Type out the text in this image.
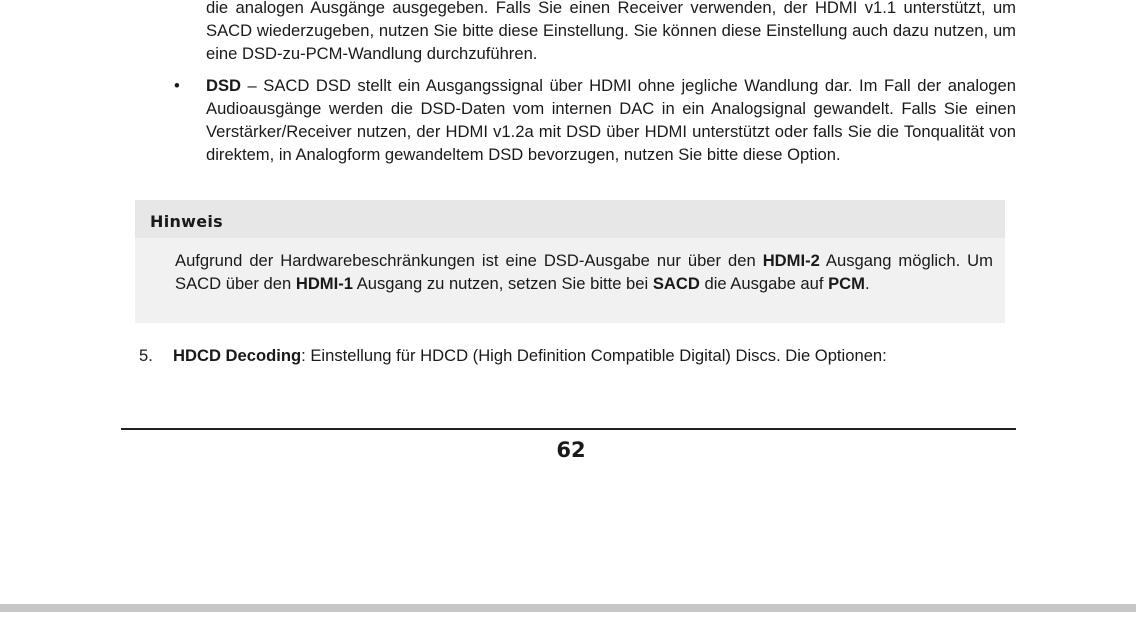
die analogen Ausgänge ausgegeben. Falls Sie einen Receiver verwenden, der HDMI v1.1 unterstützt, um SACD wiederzugeben, nutzen Sie bitte diese Einstellung. Sie können diese Einstellung auch dazu nutzen, um eine DSD-zu-PCM-Wandlung durchzuführen.

• DSD – SACD DSD stellt ein Ausgangssignal über HDMI ohne jegliche Wandlung dar. Im Fall der analogen Audioausgänge werden die DSD-Daten vom internen DAC in ein Analogsignal gewandelt. Falls Sie einen Verstärker/Receiver nutzen, der HDMI v1.2a mit DSD über HDMI unterstützt oder falls Sie die Tonqualität von direktem, in Analogform gewandeltem DSD bevorzugen, nutzen Sie bitte diese Option.

Hinweis

Aufgrund der Hardwarebeschränkungen ist eine DSD-Ausgabe nur über den HDMI-2 Ausgang möglich. Um SACD über den HDMI-1 Ausgang zu nutzen, setzen Sie bitte bei SACD die Ausgabe auf PCM.

5. HDCD Decoding: Einstellung für HDCD (High Definition Compatible Digital) Discs. Die Optionen:

62
